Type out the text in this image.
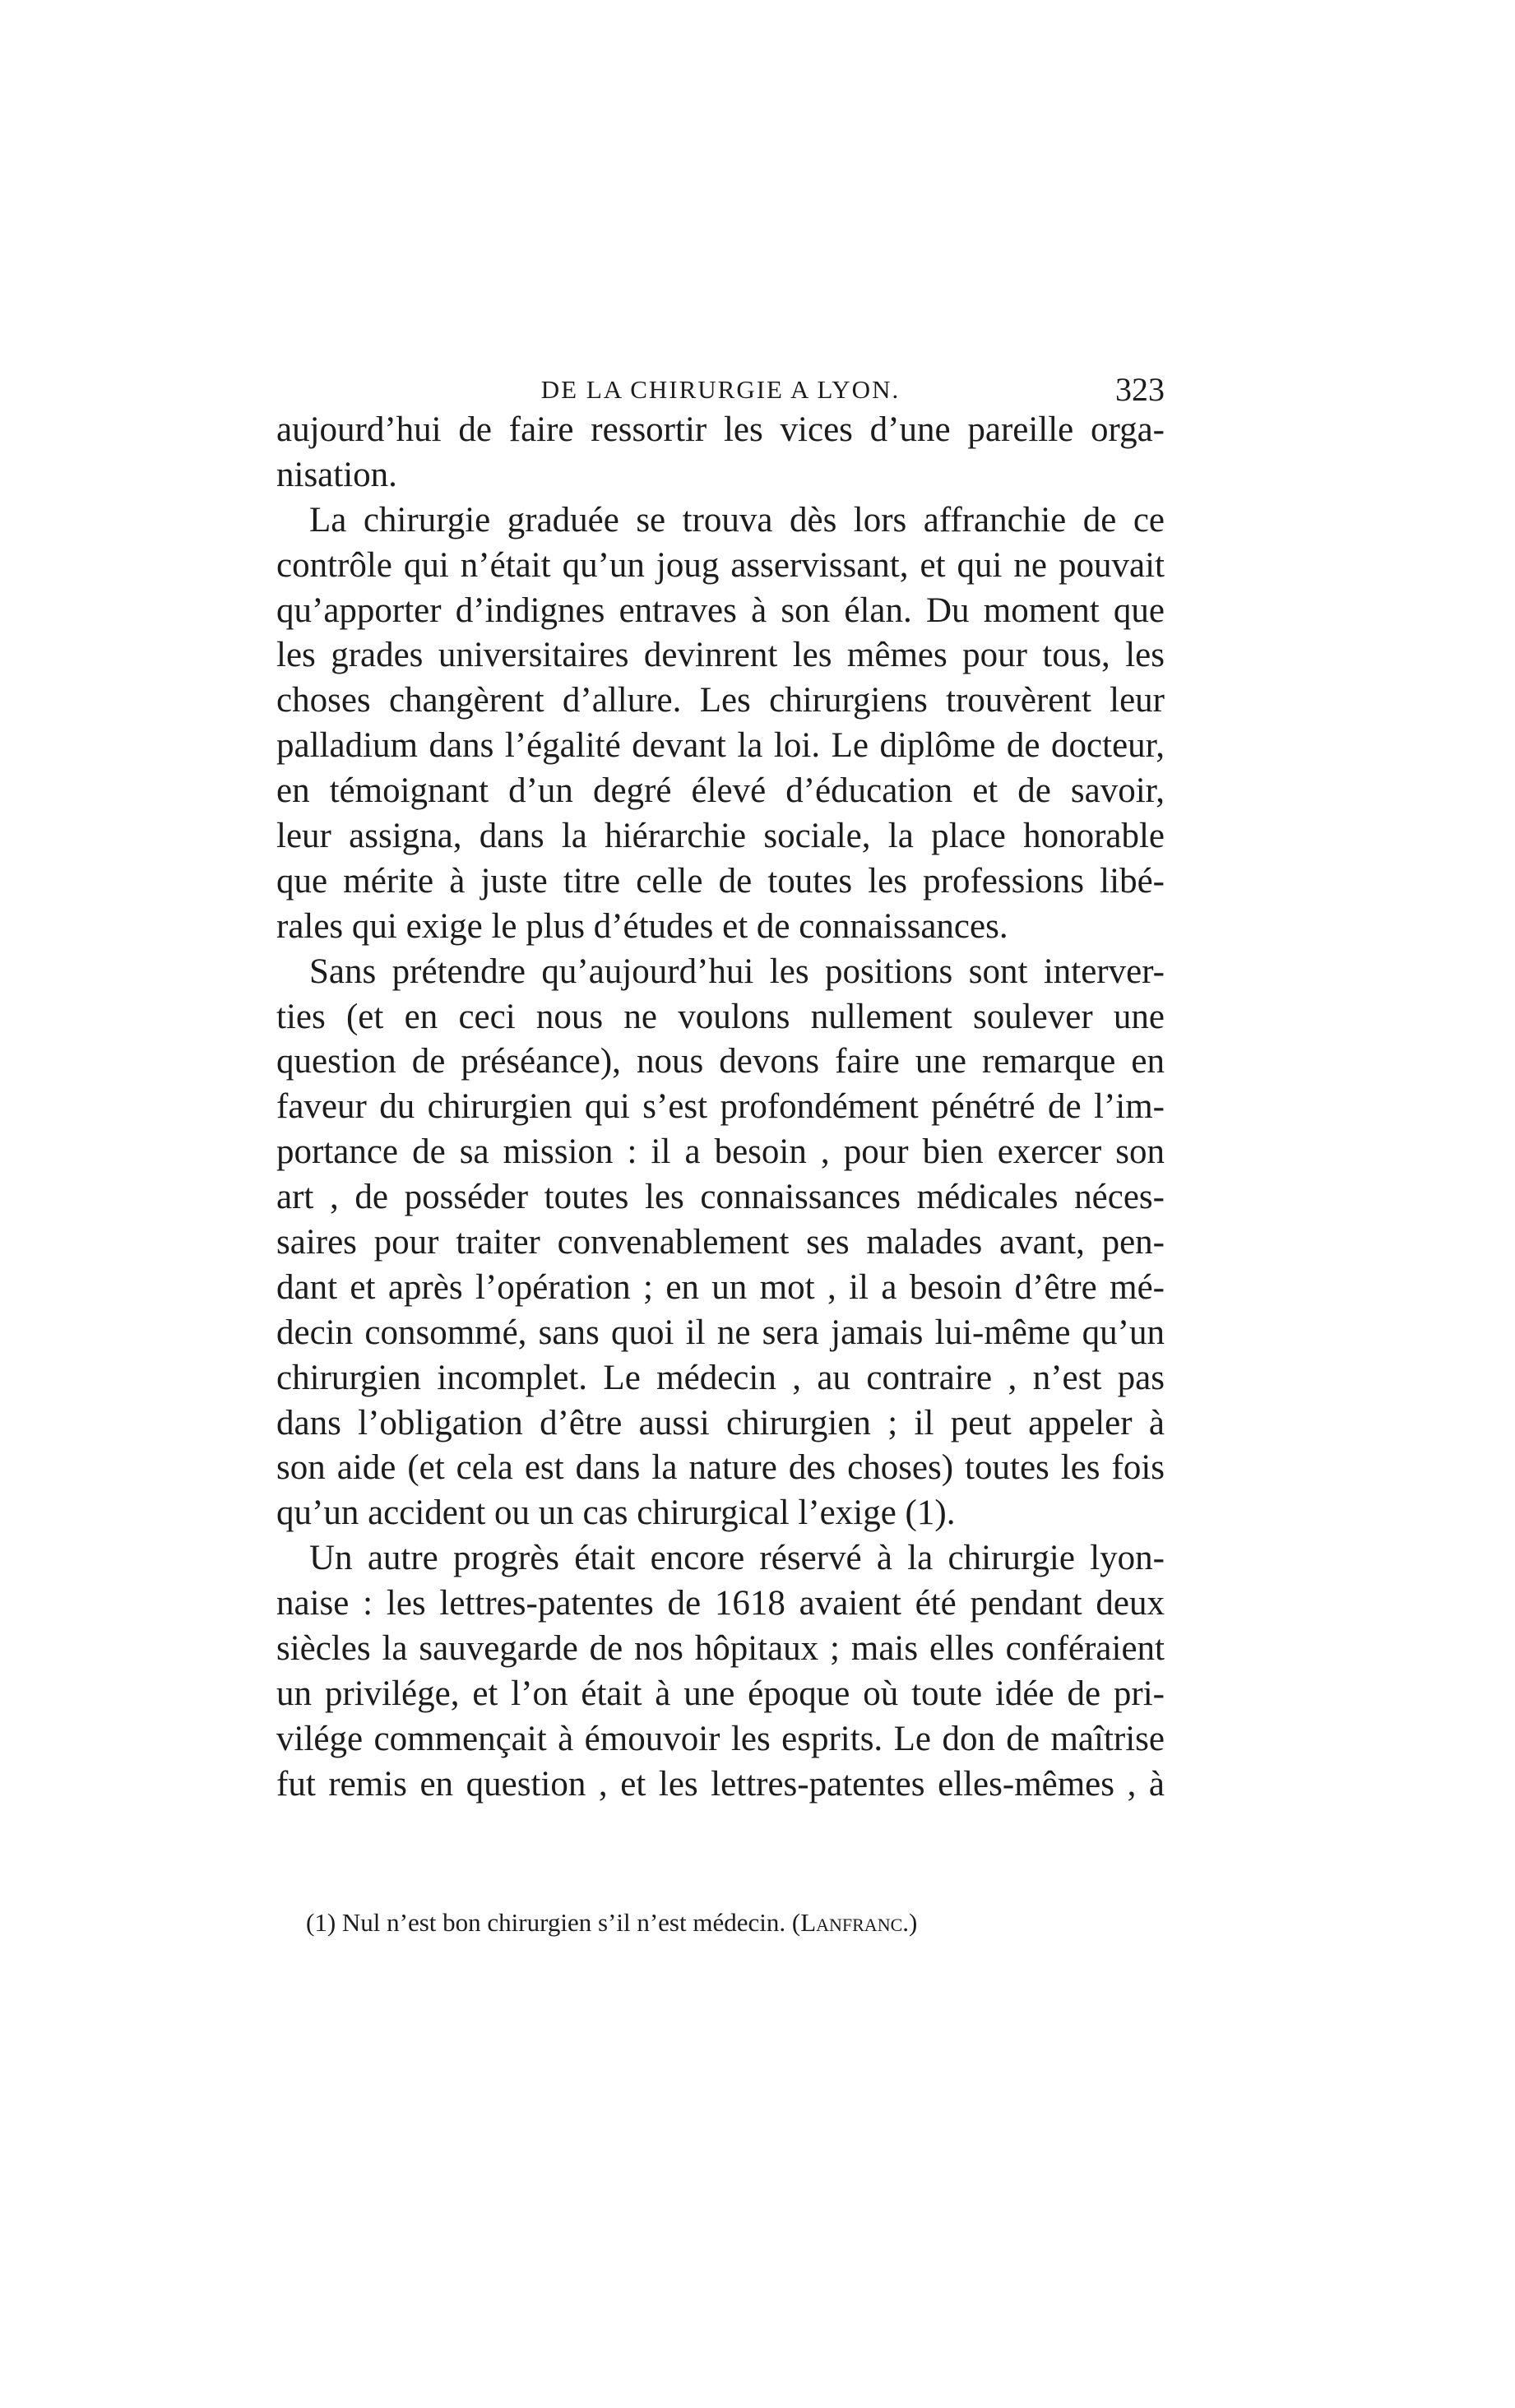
DE LA CHIRURGIE A LYON.	323
aujourd’hui de faire ressortir les vices d’une pareille orga-
nisation.
La chirurgie graduée se trouva dès lors affranchie de ce
contrôle qui n’était qu’un joug asservissant, et qui ne pouvait
qu’apporter d’indignes entraves à son élan. Du moment que
les grades universitaires devinrent les mêmes pour tous, les
choses changèrent d’allure. Les chirurgiens trouvèrent leur
palladium dans l’égalité devant la loi. Le diplôme de docteur,
en témoignant d’un degré élevé d’éducation et de savoir,
leur assigna, dans la hiérarchie sociale, la place honorable
que mérite à juste titre celle de toutes les professions libé-
rales qui exige le plus d’études et de connaissances.
Sans prétendre qu’aujourd’hui les positions sont interver-
ties (et en ceci nous ne voulons nullement soulever une
question de préséance), nous devons faire une remarque en
faveur du chirurgien qui s’est profondément pénétré de l’im-
portance de sa mission : il a besoin , pour bien exercer son
art , de posséder toutes les connaissances médicales néces-
saires pour traiter convenablement ses malades avant, pen-
dant et après l’opération ; en un mot , il a besoin d’être mé-
decin consommé, sans quoi il ne sera jamais lui-même qu’un
chirurgien incomplet. Le médecin , au contraire , n’est pas
dans l’obligation d’être aussi chirurgien ; il peut appeler à
son aide (et cela est dans la nature des choses) toutes les fois
qu’un accident ou un cas chirurgical l’exige (1).
Un autre progrès était encore réservé à la chirurgie lyon-
naise : les lettres-patentes de 1618 avaient été pendant deux
siècles la sauvegarde de nos hôpitaux ; mais elles conféraient
un privilége, et l’on était à une époque où toute idée de pri-
vilége commençait à émouvoir les esprits. Le don de maîtrise
fut remis en question , et les lettres-patentes elles-mêmes , à
(1) Nul n’est bon chirurgien s’il n’est médecin. (Lanfranc.)
